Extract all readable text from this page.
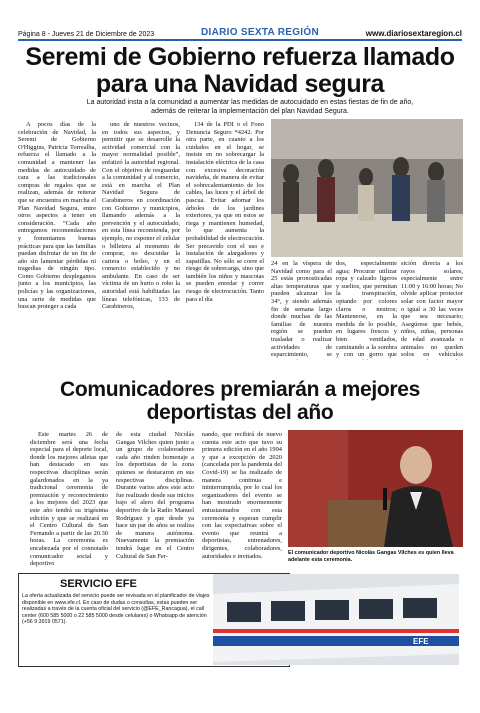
Página 8 - Jueves 21 de Diciembre de 2023	DIARIO SEXTA REGIÓN	www.diariosextaregion.cl
Seremi de Gobierno refuerza llamado para una Navidad segura
La autoridad insta a la comunidad a aumentar las medidas de autocuidado en estas fiestas de fin de año, además de reiterar la implementación del plan Navidad Segura.

A pocos días de la celebración de Navidad, la Seremi de Gobierno O'Higgins, Patricia Torrealba, refuerza el llamado a la comunidad a mantener las medidas de autocuidado de cara a las tradicionales compras de regalos que se realizan, además de reiterar que se encuentra en marcha el Plan Navidad Segura, entre otros aspectos a tener en consideración. “Cada año entregamos recomendaciones y fomentamos buenas prácticas para que las familias puedan disfrutar de un fin de año sin lamentar pérdidas ni tragedias de ningún tipo. Como Gobierno desplegamos junto a los municipios, las policías y las organizaciones, una serie de medidas que buscan proteger a cada

uno de nuestros vecinos, en todos sus aspectos, y permitir que se desarrolle la actividad comercial con la mayor normalidad posible”, enfatizó la autoridad regional. Con el objetivo de resguardar a la comunidad y al comercio, está en marcha el Plan Navidad Segura de Carabineros en coordinación con Gobierno y municipios, llamando además a la prevención y el autocuidado, en esta línea recomienda, por ejemplo, no exponer el celular o billetera al momento de comprar, no descuidar la cartera o bolso, y en el comercio establecido y no ambulante. En caso de ser víctima de un hurto o robo la autoridad está habilitadas las líneas telefónicas, 133 de Carabineros,

134 de la PDI o el Fono Denuncia Seguro *4242. Por otra parte, en cuanto a los cuidados en el hogar, se insiste en no sobrecargar la instalación eléctrica de la casa con excesiva decoración navideña, de manera de evitar el sobrecalentamiento de los cables, las luces y el árbol de pascua. Evitar adornar los árboles de los jardines exteriores, ya que en estos se riega y mantienen humedad, lo que aumenta la probabilidad de electrocución. Ser precavido con el uso e instalación de alargadores y zapatillas. No sólo se corre el riesgo de sobrecarga, sino que también los niños y mascotas se pueden enredar y correr riesgo de electrocución. Tanto para el día

24 en la víspera de Navidad como para el 25 estás pronosticadas altas temperaturas que pueden alcanzar los 34°, y siendo además fin de semana largo donde muchas de las familias de nuestra región se pueden trasladar o realizar actividades de esparcimiento, se

dos, especialmente agua; Procurar utilizar ropa y calzado ligeros y sueltos, que permitan la transpiración, optando por colores claros o neutros; Mantenerse, en la medida de lo posible, en lugares frescos y bien ventilados, caminando a la sombra y con un gorro que

sición directa a los rayos solares, especialmente entre 11:00 y 16:00 horas; No olvide aplicar protector solar con factor mayor o igual a 30 las veces que sea necesario; Asegúrese que bebés, niños, niñas, personas de edad avanzada o animales no queden solos en vehículos

Comunicadores premiarán a mejores deportistas del año

Este martes 26 de diciembre será una fecha especial para el deporte local, donde los mejores atletas que han destacado en sus respectivas disciplinas serán galardonados en la ya tradicional ceremonia de premiación y reconocimiento a los mejores del 2023 que este año tendrá su trigésima edición y que se realizará en el Centro Cultural de San Fernando a partir de las 20.30 horas. La ceremonia es encabezada por el connotado comunicador social y deportivo

de esta ciudad Nicolás Gangas Vilches quien junto a un grupo de colaboradores cada año rinden homenaje a los deportistas de la zona quienes se destacaron en sus respectivas disciplinas. Durante varios años este acto fue realizado desde sus inicios bajo el alero del programa deportivo de la Radio Manuel Rodríguez y que desde ya hace un par de años se realiza de manera autónoma. Nuevamente la premiación tendrá lugar en el Centro Cultural de San Fer-

nando, que recibirá de nuevo cuenta este acto que tuvo su primera edición en el año 1994 y que a excepción de 2020 (cancelada por la pandemia del Covid-19) se ha realizado de manera continua e ininterrumpida, por lo cual los organizadores del evento se han mostrado enormemente entusiasmados con esta ceremonia y esperan cumplir con las expectativas sobre el evento que reunirá a deportistas, entrenadores, dirigentes, colaboradores, autoridades e invitados.	El comunicador deportivo Nicolás Gangas Vilches es quien lleva adelante esta ceremonia.
SERVICIO EFE
La oferta actualizada del servicio puede ser revisada en el planificador de viajes disponible en www.efe.cl. En caso de dudas o consultas, estas pueden ser realizadas a través de la cuenta oficial del servicio (@EFE_Rancagua), el call center (600 585 5000 o 22 585 5000 desde celulares) o Whatsapp de atención (+56 9 3919 0571).
EFE
